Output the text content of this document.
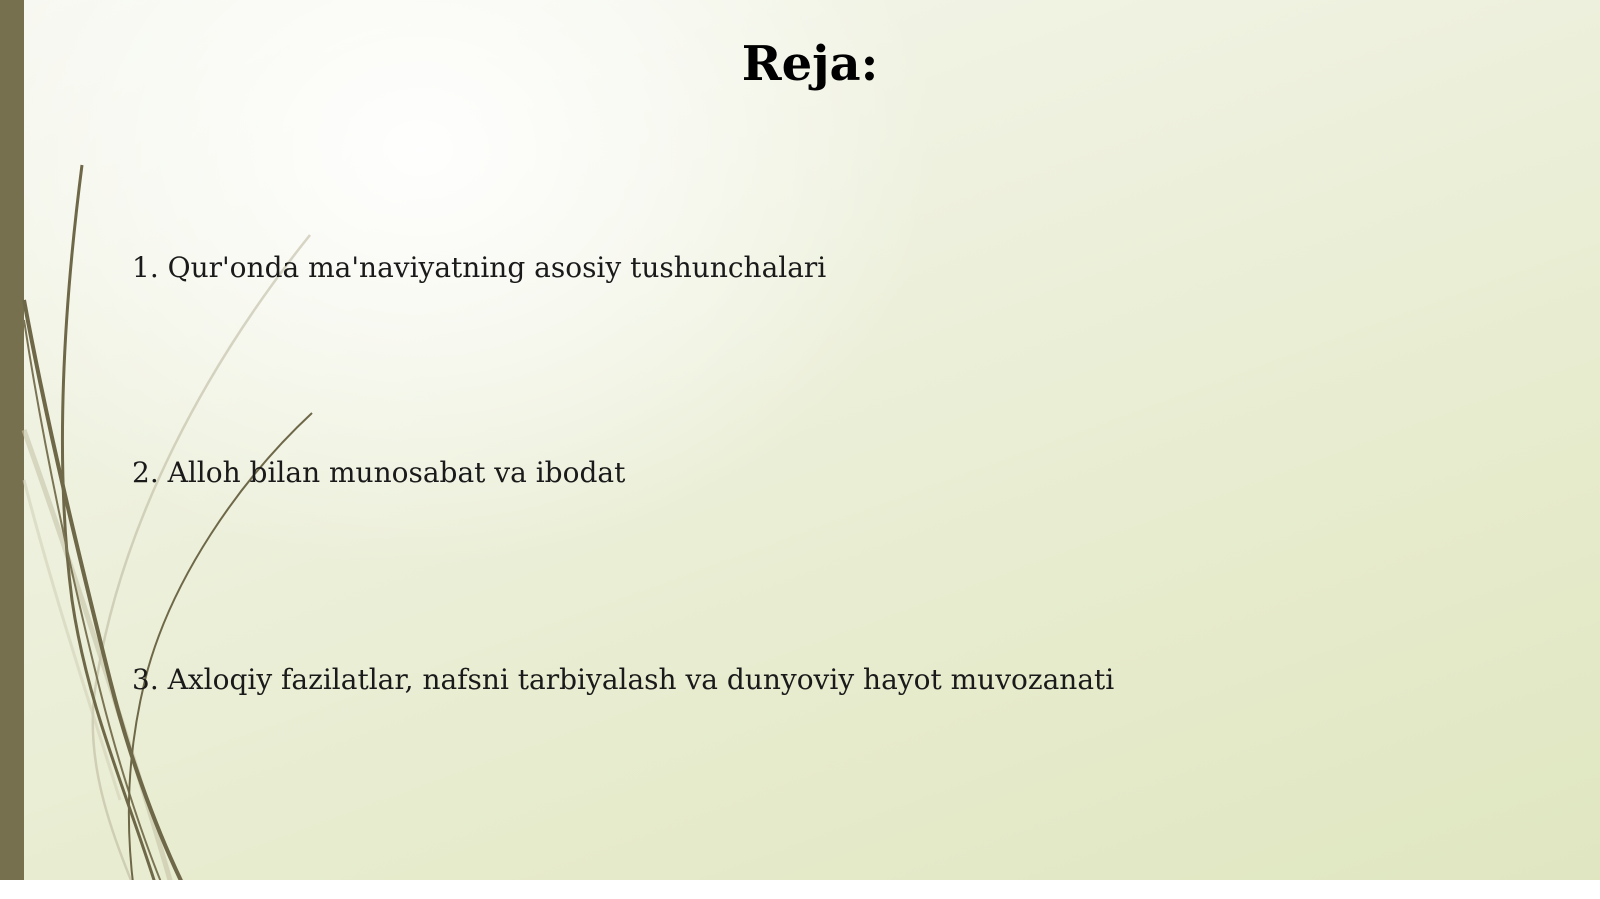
Reja:
1. Qur'onda ma'naviyatning asosiy tushunchalari
2. Alloh bilan munosabat va ibodat
3. Axloqiy fazilatlar, nafsni tarbiyalash va dunyoviy hayot muvozanati
